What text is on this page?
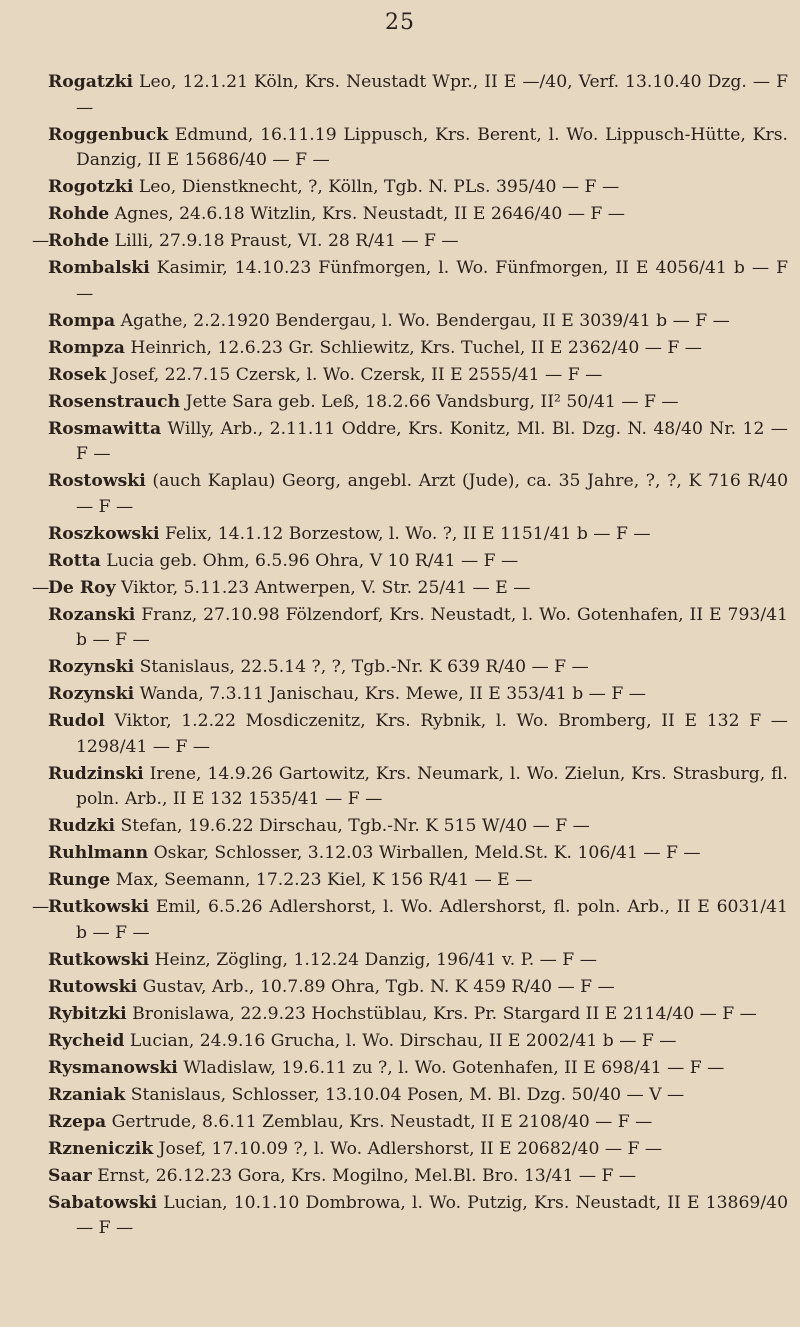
25
Rogatzki Leo, 12.1.21 Köln, Krs. Neustadt Wpr., II E —/40, Verf. 13.10.40 Dzg. — F —
Roggenbuck Edmund, 16.11.19 Lippusch, Krs. Berent, l. Wo. Lippusch-Hütte, Krs. Danzig, II E 15686/40 — F —
Rogotzki Leo, Dienstknecht, ?, Kölln, Tgb. N. PLs. 395/40 — F —
Rohde Agnes, 24.6.18 Witzlin, Krs. Neustadt, II E 2646/40 — F —
—
Rohde Lilli, 27.9.18 Praust, VI. 28 R/41 — F —
Rombalski Kasimir, 14.10.23 Fünfmorgen, l. Wo. Fünfmorgen, II E 4056/41 b — F —
Rompa Agathe, 2.2.1920 Bendergau, l. Wo. Bendergau, II E 3039/41 b — F —
Rompza Heinrich, 12.6.23 Gr. Schliewitz, Krs. Tuchel, II E 2362/40 — F —
Rosek Josef, 22.7.15 Czersk, l. Wo. Czersk, II E 2555/41 — F —
Rosenstrauch Jette Sara geb. Leß, 18.2.66 Vandsburg, II² 50/41 — F —
Rosmawitta Willy, Arb., 2.11.11 Oddre, Krs. Konitz, Ml. Bl. Dzg. N. 48/40 Nr. 12 — F —
Rostowski (auch Kaplau) Georg, angebl. Arzt (Jude), ca. 35 Jahre, ?, ?, K 716 R/40 — F —
Roszkowski Felix, 14.1.12 Borzestow, l. Wo. ?, II E 1151/41 b — F —
Rotta Lucia geb. Ohm, 6.5.96 Ohra, V 10 R/41 — F —
—
De Roy Viktor, 5.11.23 Antwerpen, V. Str. 25/41 — E —
Rozanski Franz, 27.10.98 Fölzendorf, Krs. Neustadt, l. Wo. Gotenhafen, II E 793/41 b — F —
Rozynski Stanislaus, 22.5.14 ?, ?, Tgb.-Nr. K 639 R/40 — F —
Rozynski Wanda, 7.3.11 Janischau, Krs. Mewe, II E 353/41 b — F —
Rudol Viktor, 1.2.22 Mosdiczenitz, Krs. Rybnik, l. Wo. Bromberg, II E 132 F — 1298/41 — F —
Rudzinski Irene, 14.9.26 Gartowitz, Krs. Neumark, l. Wo. Zielun, Krs. Strasburg, fl. poln. Arb., II E 132 1535/41 — F —
Rudzki Stefan, 19.6.22 Dirschau, Tgb.-Nr. K 515 W/40 — F —
Ruhlmann Oskar, Schlosser, 3.12.03 Wirballen, Meld.St. K. 106/41 — F —
Runge Max, Seemann, 17.2.23 Kiel, K 156 R/41 — E —
—
Rutkowski Emil, 6.5.26 Adlershorst, l. Wo. Adlershorst, fl. poln. Arb., II E 6031/41 b — F —
Rutkowski Heinz, Zögling, 1.12.24 Danzig, 196/41 v. P. — F —
Rutowski Gustav, Arb., 10.7.89 Ohra, Tgb. N. K 459 R/40 — F —
Rybitzki Bronislawa, 22.9.23 Hochstüblau, Krs. Pr. Stargard II E 2114/40 — F —
Rycheid Lucian, 24.9.16 Grucha, l. Wo. Dirschau, II E 2002/41 b — F —
Rysmanowski Wladislaw, 19.6.11 zu ?, l. Wo. Gotenhafen, II E 698/41 — F —
Rzaniak Stanislaus, Schlosser, 13.10.04 Posen, M. Bl. Dzg. 50/40 — V —
Rzepa Gertrude, 8.6.11 Zemblau, Krs. Neustadt, II E 2108/40 — F —
Rzneniczik Josef, 17.10.09 ?, l. Wo. Adlershorst, II E 20682/40 — F —
Saar Ernst, 26.12.23 Gora, Krs. Mogilno, Mel.Bl. Bro. 13/41 — F —
Sabatowski Lucian, 10.1.10 Dombrowa, l. Wo. Putzig, Krs. Neustadt, II E 13869/40 — F —
